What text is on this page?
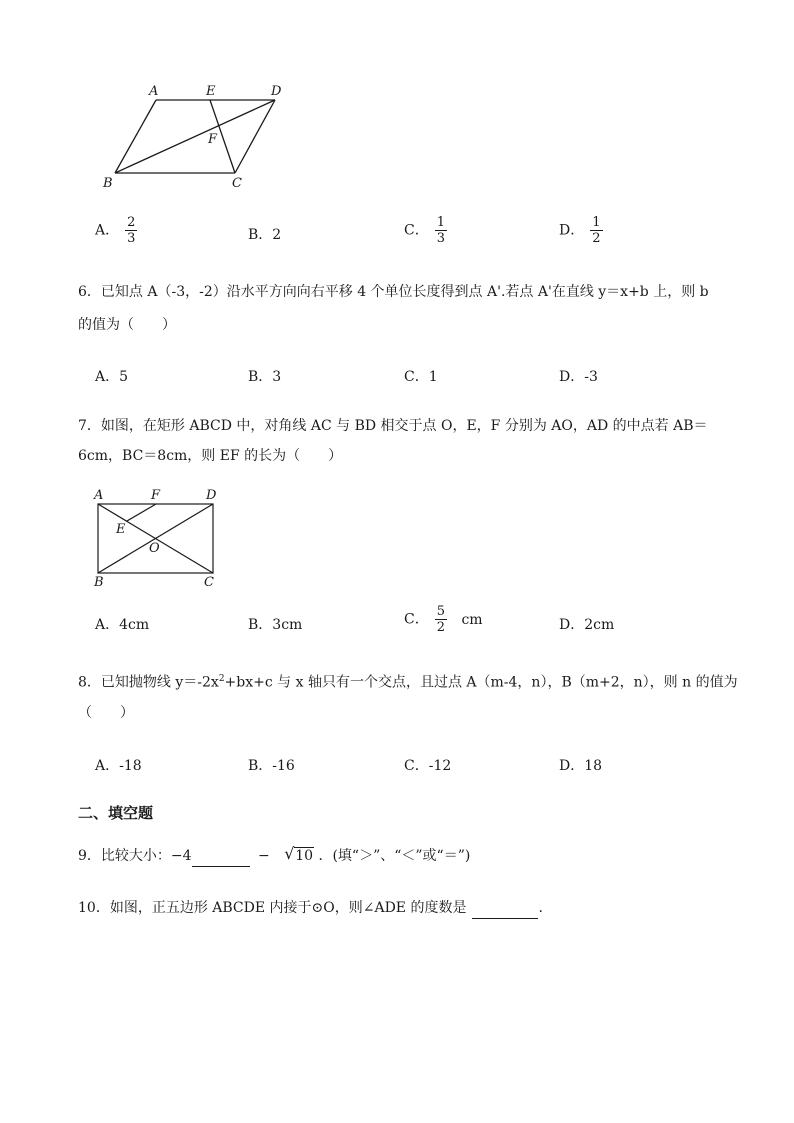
A	E	D
F
B	C
A． $\frac{2}{3}$	B．2	C． $\frac{1}{3}$	D． $\frac{1}{2}$
6．已知点 A（-3，-2）沿水平方向向右平移 4 个单位长度得到点 A'.若点 A'在直线 y＝x+b 上，则 b
的值为（　　）
A．5	B．3	C．1	D．-3
7．如图，在矩形 ABCD 中，对角线 AC 与 BD 相交于点 O，E，F 分别为 AO，AD 的中点若 AB＝
6cm，BC＝8cm，则 EF 的长为（　　）
A	F	D
E
O
B	C
A．4cm	B．3cm	C． $\frac{5}{2}$ cm	D．2cm
8．已知抛物线 $y=-2x^2+bx+c$ 与 x 轴只有一个交点，且过点 A（m-4，n），B（m+2，n），则 n 的值为
（　　）
A．-18	B．-16	C．-12	D．18
二、填空题
9．比较大小：−4	− √ 10 ．(填“＞”、“＜”或“＝”)
10．如图，正五边形 ABCDE 内接于⊙O，则∠ADE 的度数是	.
